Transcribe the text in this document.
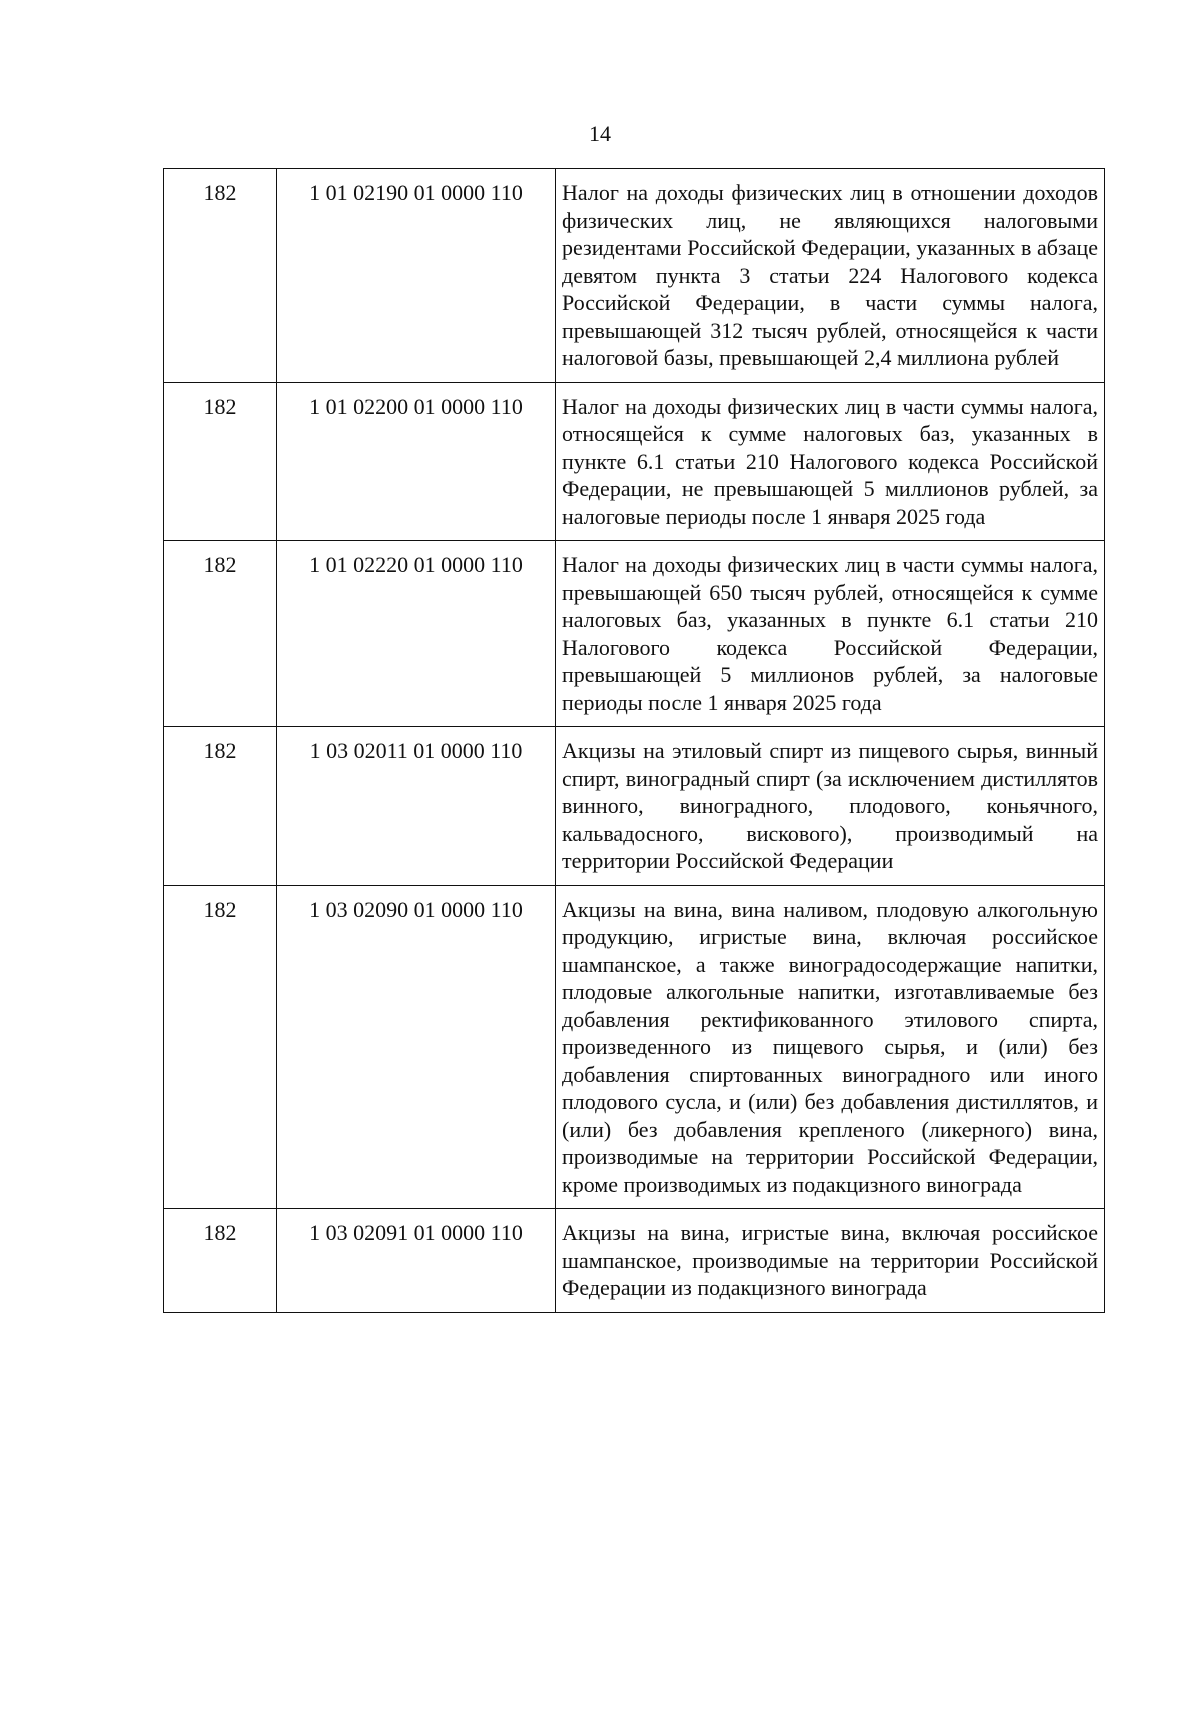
14
182	1 01 02190 01 0000 110	Налог на доходы физических лиц в отношении доходов физических лиц, не являющихся налоговыми резидентами Российской Федерации, указанных в абзаце девятом пункта 3 статьи 224 Налогового кодекса Российской Федерации, в части суммы налога, превышающей 312 тысяч рублей, относящейся к части налоговой базы, превышающей 2,4 миллиона рублей
182	1 01 02200 01 0000 110	Налог на доходы физических лиц в части суммы налога, относящейся к сумме налоговых баз, указанных в пункте 6.1 статьи 210 Налогового кодекса Российской Федерации, не превышающей 5 миллионов рублей, за налоговые периоды после 1 января 2025 года
182	1 01 02220 01 0000 110	Налог на доходы физических лиц в части суммы налога, превышающей 650 тысяч рублей, относящейся к сумме налоговых баз, указанных в пункте 6.1 статьи 210 Налогового кодекса Российской Федерации, превышающей 5 миллионов рублей, за налоговые периоды после 1 января 2025 года
182	1 03 02011 01 0000 110	Акцизы на этиловый спирт из пищевого сырья, винный спирт, виноградный спирт (за исключением дистиллятов винного, виноградного, плодового, коньячного, кальвадосного, вискового), производимый на территории Российской Федерации
182	1 03 02090 01 0000 110	Акцизы на вина, вина наливом, плодовую алкогольную продукцию, игристые вина, включая российское шампанское, а также виноградосодержащие напитки, плодовые алкогольные напитки, изготавливаемые без добавления ректификованного этилового спирта, произведенного из пищевого сырья, и (или) без добавления спиртованных виноградного или иного плодового сусла, и (или) без добавления дистиллятов, и (или) без добавления крепленого (ликерного) вина, производимые на территории Российской Федерации, кроме производимых из подакцизного винограда
182	1 03 02091 01 0000 110	Акцизы на вина, игристые вина, включая российское шампанское, производимые на территории Российской Федерации из подакцизного винограда
